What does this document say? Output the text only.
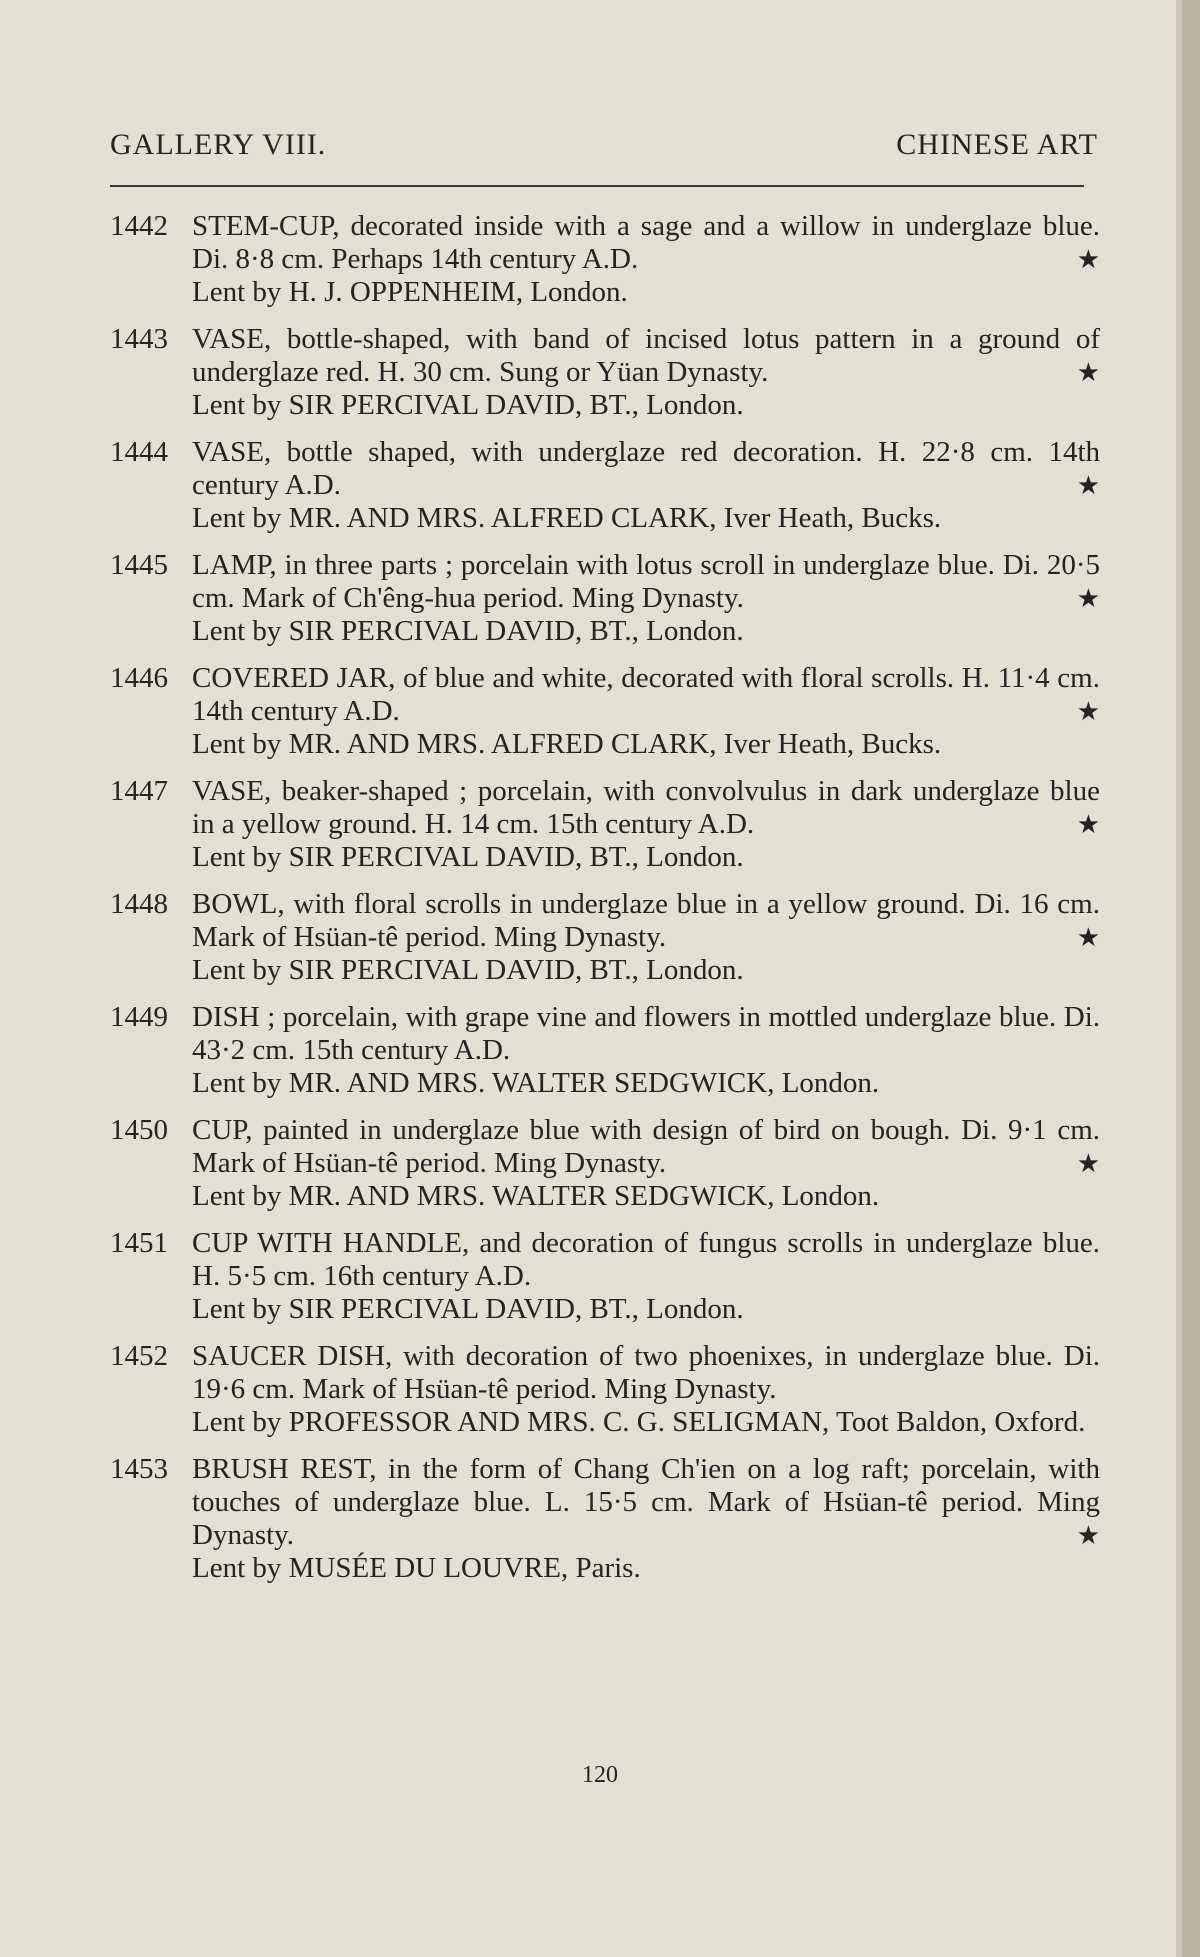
GALLERY VIII.	CHINESE ART
1442 STEM-CUP, decorated inside with a sage and a willow in underglaze blue. Di. 8·8 cm. Perhaps 14th century A.D.	★
Lent by H. J. OPPENHEIM, London.
1443 VASE, bottle-shaped, with band of incised lotus pattern in a ground of underglaze red. H. 30 cm. Sung or Yüan Dynasty.	★
Lent by SIR PERCIVAL DAVID, BT., London.
1444 VASE, bottle shaped, with underglaze red decoration. H. 22·8 cm. 14th century A.D.	★
Lent by MR. AND MRS. ALFRED CLARK, Iver Heath, Bucks.
1445 LAMP, in three parts ; porcelain with lotus scroll in underglaze blue. Di. 20·5 cm. Mark of Ch'êng-hua period. Ming Dynasty.	★
Lent by SIR PERCIVAL DAVID, BT., London.
1446 COVERED JAR, of blue and white, decorated with floral scrolls. H. 11·4 cm. 14th century A.D.	★
Lent by MR. AND MRS. ALFRED CLARK, Iver Heath, Bucks.
1447 VASE, beaker-shaped ; porcelain, with convolvulus in dark underglaze blue in a yellow ground. H. 14 cm. 15th century A.D.	★
Lent by SIR PERCIVAL DAVID, BT., London.
1448 BOWL, with floral scrolls in underglaze blue in a yellow ground. Di. 16 cm. Mark of Hsüan-tê period. Ming Dynasty.	★
Lent by SIR PERCIVAL DAVID, BT., London.
1449 DISH ; porcelain, with grape vine and flowers in mottled underglaze blue. Di. 43·2 cm. 15th century A.D.
Lent by MR. AND MRS. WALTER SEDGWICK, London.
1450 CUP, painted in underglaze blue with design of bird on bough. Di. 9·1 cm. Mark of Hsüan-tê period. Ming Dynasty.	★
Lent by MR. AND MRS. WALTER SEDGWICK, London.
1451 CUP WITH HANDLE, and decoration of fungus scrolls in underglaze blue. H. 5·5 cm. 16th century A.D.
Lent by SIR PERCIVAL DAVID, BT., London.
1452 SAUCER DISH, with decoration of two phoenixes, in underglaze blue. Di. 19·6 cm. Mark of Hsüan-tê period. Ming Dynasty.
Lent by PROFESSOR AND MRS. C. G. SELIGMAN, Toot Baldon, Oxford.
1453 BRUSH REST, in the form of Chang Ch'ien on a log raft; porcelain, with touches of underglaze blue. L. 15·5 cm. Mark of Hsüan-tê period. Ming Dynasty.	★
Lent by MUSÉE DU LOUVRE, Paris.
120
